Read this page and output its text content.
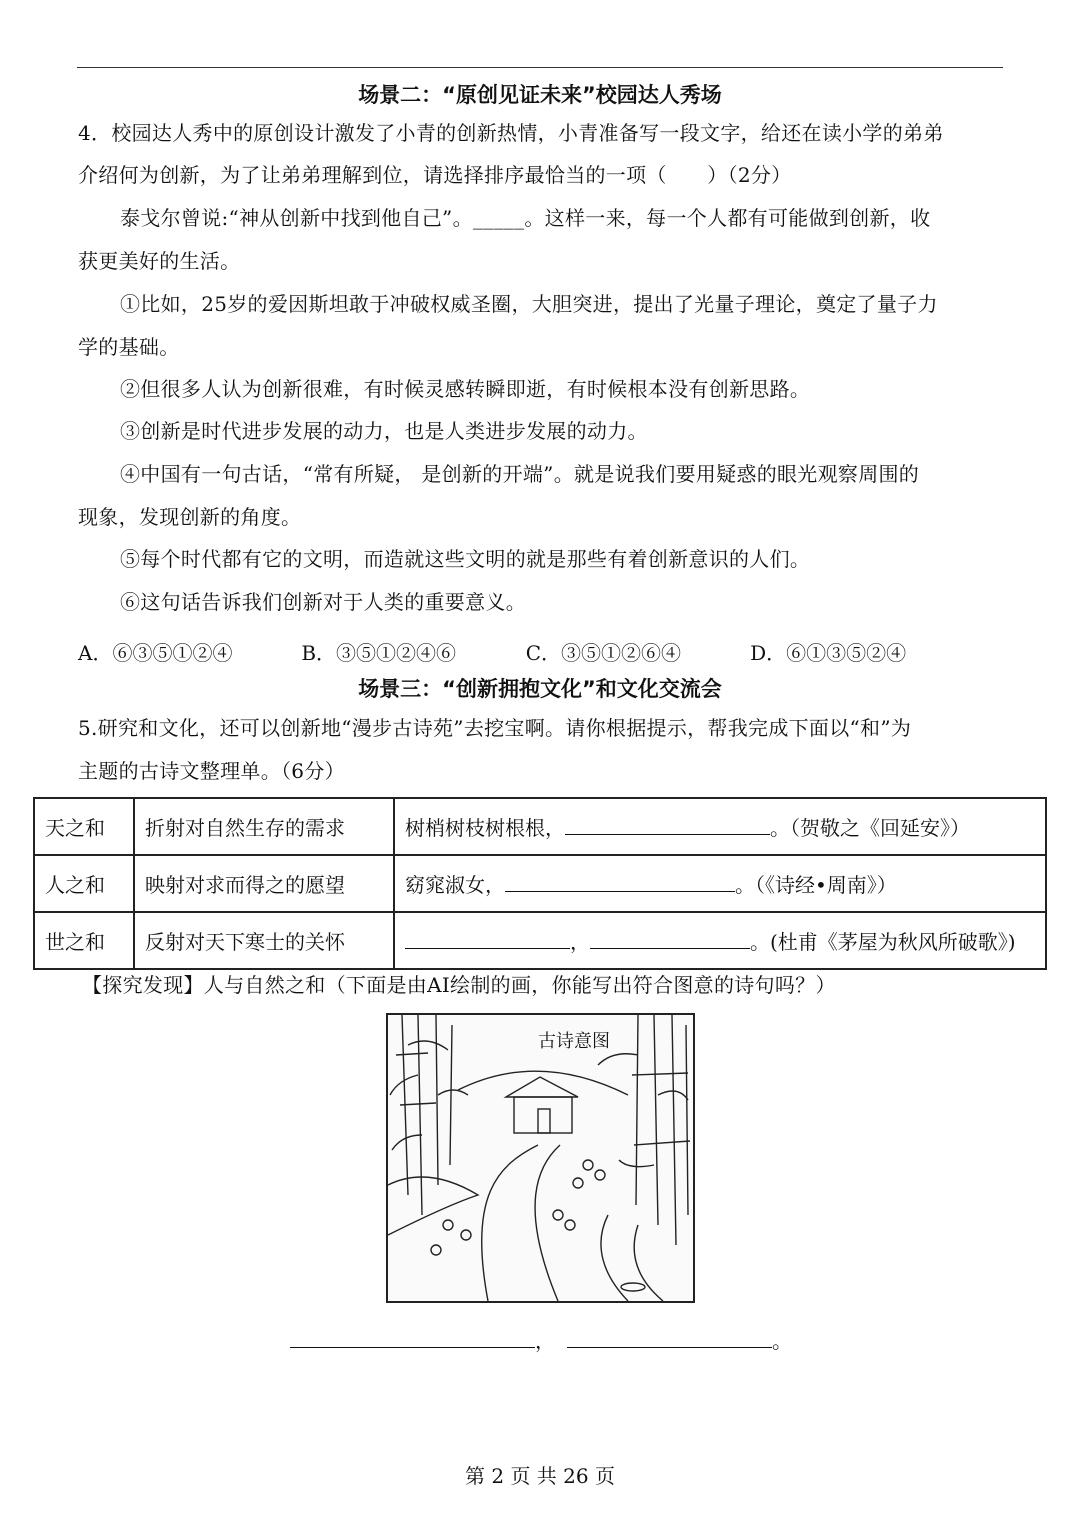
场景二：“原创见证未来”校园达人秀场
4．校园达人秀中的原创设计激发了小青的创新热情，小青准备写一段文字，给还在读小学的弟弟
介绍何为创新，为了让弟弟理解到位，请选择排序最恰当的一项（　　）（2分）
泰戈尔曾说:“神从创新中找到他自己”。_____。这样一来，每一个人都有可能做到创新，收
获更美好的生活。
①比如，25岁的爱因斯坦敢于冲破权威圣圈，大胆突进，提出了光量子理论，奠定了量子力
学的基础。
②但很多人认为创新很难，有时候灵感转瞬即逝，有时候根本没有创新思路。
③创新是时代进步发展的动力，也是人类进步发展的动力。
④中国有一句古话，“常有所疑， 是创新的开端”。就是说我们要用疑惑的眼光观察周围的
现象，发现创新的角度。
⑤每个时代都有它的文明，而造就这些文明的就是那些有着创新意识的人们。
⑥这句话告诉我们创新对于人类的重要意义。
A．⑥③⑤①②④	B．③⑤①②④⑥	C．③⑤①②⑥④	D．⑥①③⑤②④
场景三：“创新拥抱文化”和文化交流会
5.研究和文化，还可以创新地“漫步古诗苑”去挖宝啊。请你根据提示，帮我完成下面以“和”为
主题的古诗文整理单。（6分）
天之和	折射对自然生存的需求	树梢树枝树根根， 。（贺敬之《回延安》）
人之和	映射对求而得之的愿望	窈窕淑女， 。（《诗经•周南》）
世之和	反射对天下寒士的关怀	， 。(杜甫《茅屋为秋风所破歌》)
【探究发现】人与自然之和（下面是由AI绘制的画，你能写出符合图意的诗句吗？）
古诗意图
，	。
第 2 页 共 26 页
